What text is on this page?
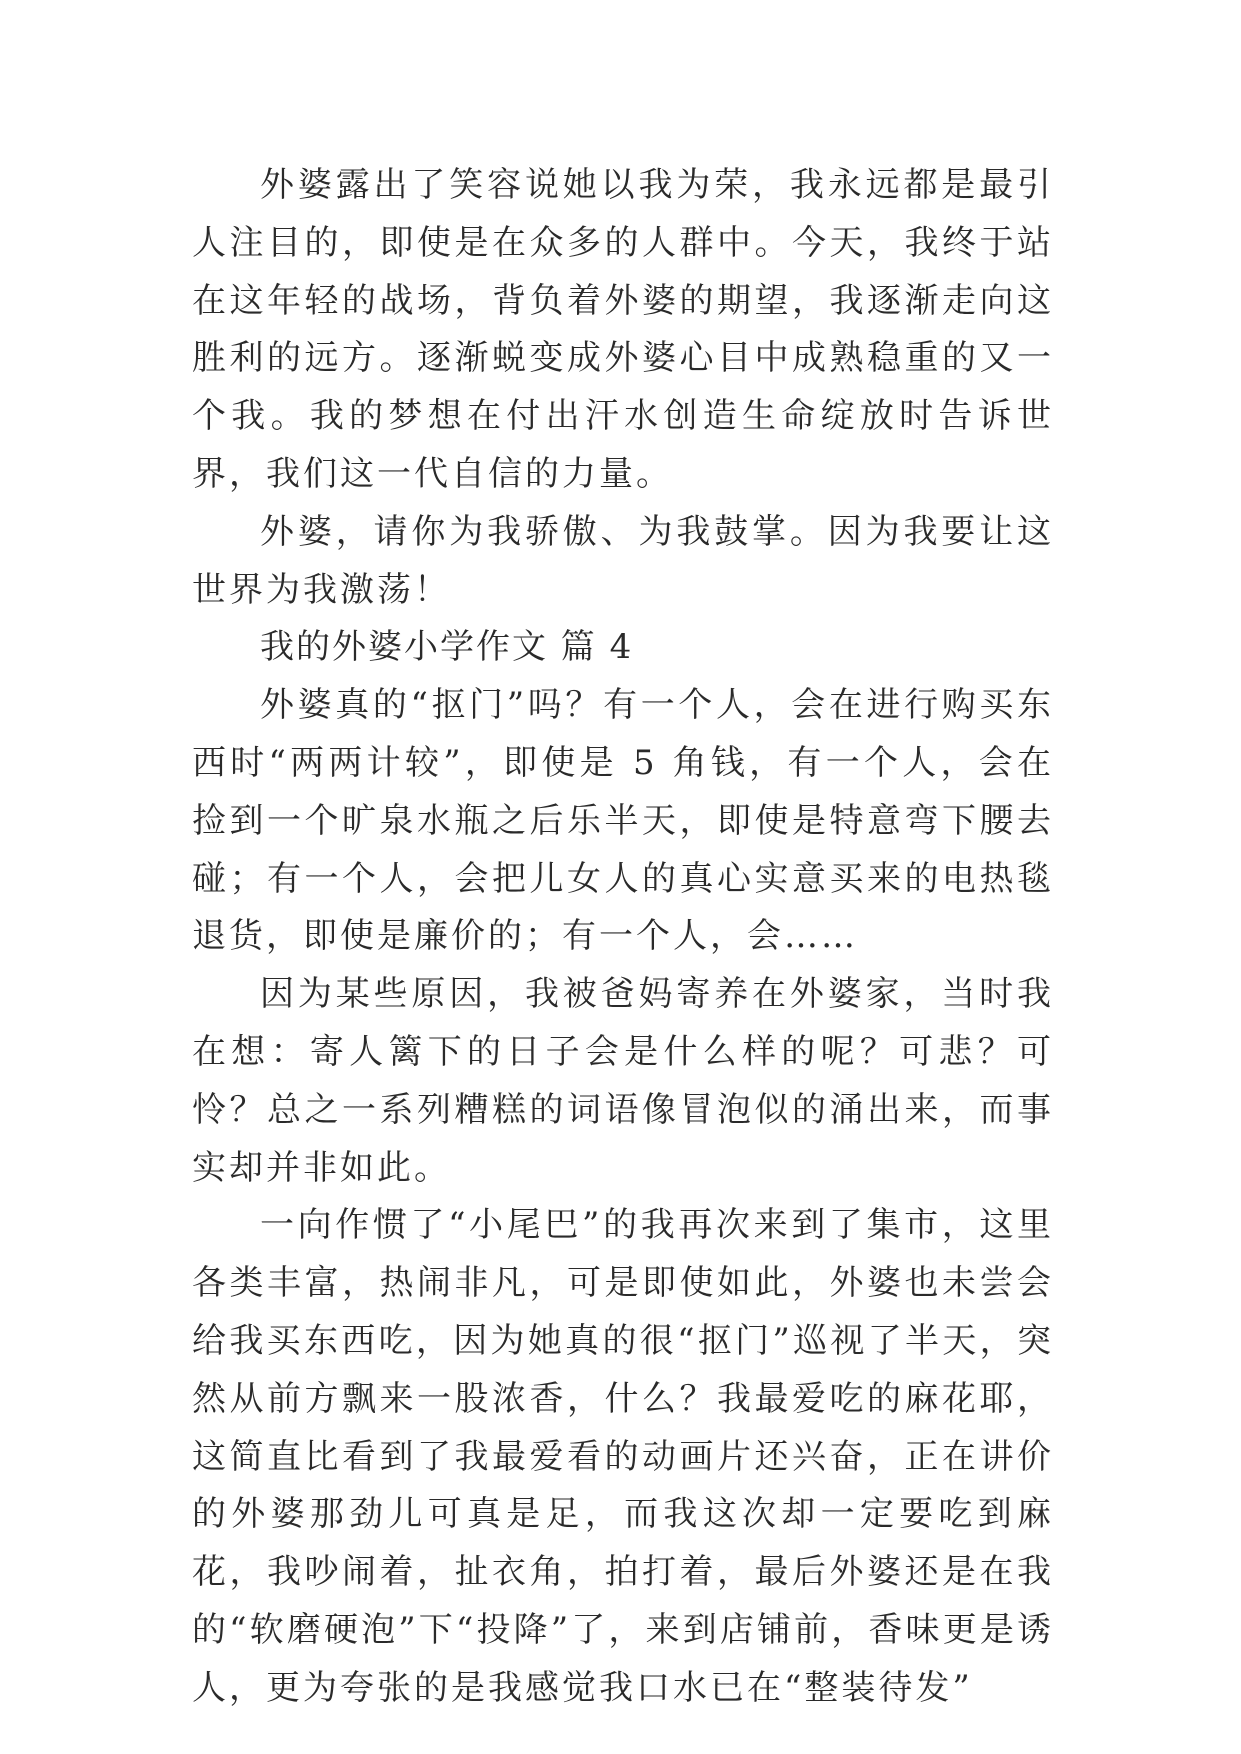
外婆露出了笑容说她以我为荣，我永远都是最引人注目的，即使是在众多的人群中。今天，我终于站在这年轻的战场，背负着外婆的期望，我逐渐走向这胜利的远方。逐渐蜕变成外婆心目中成熟稳重的又一个我。我的梦想在付出汗水创造生命绽放时告诉世界，我们这一代自信的力量。

外婆，请你为我骄傲、为我鼓掌。因为我要让这世界为我激荡！

我的外婆小学作文 篇 4

外婆真的“抠门”吗？有一个人，会在进行购买东西时“两两计较”，即使是 5 角钱，有一个人，会在捡到一个旷泉水瓶之后乐半天，即使是特意弯下腰去碰；有一个人，会把儿女人的真心实意买来的电热毯退货，即使是廉价的；有一个人，会……

因为某些原因，我被爸妈寄养在外婆家，当时我在想：寄人篱下的日子会是什么样的呢？可悲？可怜？总之一系列糟糕的词语像冒泡似的涌出来，而事实却并非如此。

一向作惯了“小尾巴”的我再次来到了集市，这里各类丰富，热闹非凡，可是即使如此，外婆也未尝会给我买东西吃，因为她真的很“抠门”巡视了半天，突然从前方飘来一股浓香，什么？我最爱吃的麻花耶，这简直比看到了我最爱看的动画片还兴奋，正在讲价的外婆那劲儿可真是足，而我这次却一定要吃到麻花，我吵闹着，扯衣角，拍打着，最后外婆还是在我的“软磨硬泡”下“投降”了，来到店铺前，香味更是诱人，更为夸张的是我感觉我口水已在“整装待发”
